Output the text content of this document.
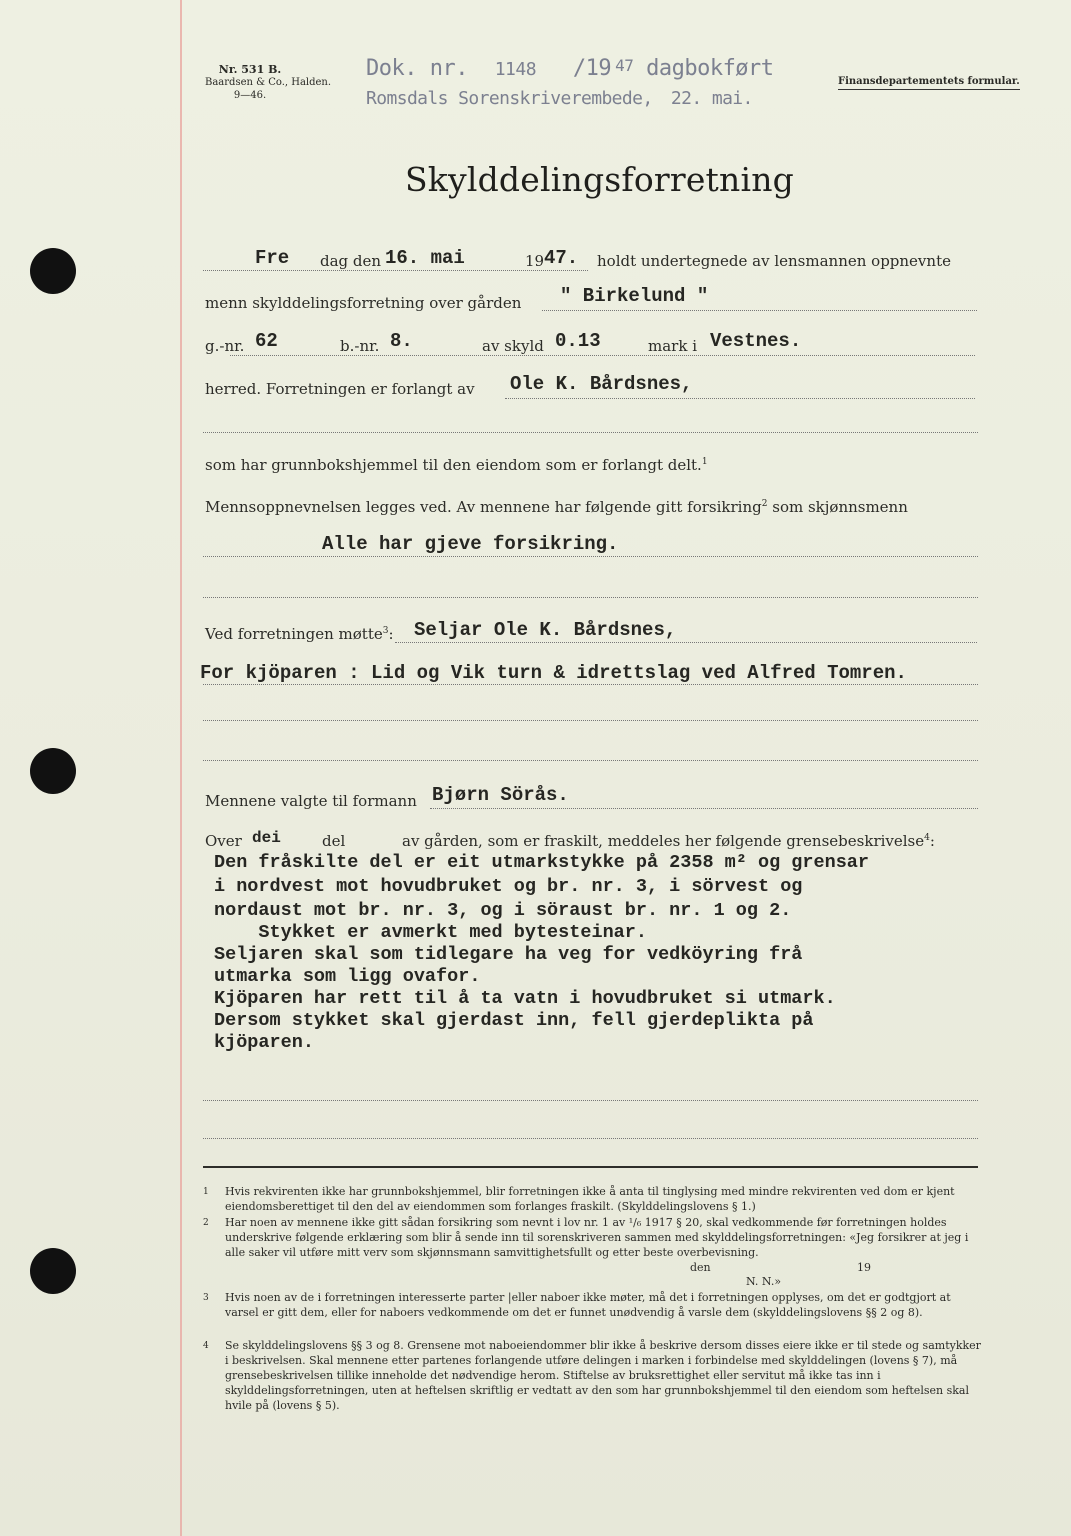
Nr. 531 B.
Baardsen & Co., Halden.
9—46.
Dok. nr. 1148 /19 47 dagbokført
Romsdals Sorenskriverembede, 22. mai.
Finansdepartementets formular.
Skylddelingsforretning
Fre dag den 16. mai	19 47. holdt undertegnede av lensmannen oppnevnte
menn skylddelingsforretning over gården " Birkelund "
g.-nr. 62	b.-nr. 8.	av skyld 0.13	mark i Vestnes.
herred. Forretningen er forlangt av Ole K. Bårdsnes,
som har grunnbokshjemmel til den eiendom som er forlangt delt.$^1$
Mennsoppnevnelsen legges ved. Av mennene har følgende gitt forsikring$^2$ som skjønnsmenn
Alle har gjeve forsikring.
Ved forretningen møtte$^3$: Seljar Ole K. Bårdsnes,
For kjöparen : Lid og Vik turn & idrettslag ved Alfred Tomren.
Mennene valgte til formann Bjørn Sörås.
Over dei	del	av gården, som er fraskilt, meddeles her følgende grensebeskrivelse$^4$:
Den fråskilte del er eit utmarkstykke på 2358 m² og grensar
i nordvest mot hovudbruket og br. nr. 3, i sörvest og
nordaust mot br. nr. 3, og i söraust br. nr. 1 og 2.
Stykket er avmerkt med bytesteinar.
Seljaren skal som tidlegare ha veg for vedköyring frå
utmarka som ligg ovafor.
Kjöparen har rett til å ta vatn i hovudbruket si utmark.
Dersom stykket skal gjerdast inn, fell gjerdeplikta på
kjöparen.
1	Hvis rekvirenten ikke har grunnbokshjemmel, blir forretningen ikke å anta til tinglysing med mindre rekvirenten ved dom er kjent eiendomsberettiget til den del av eiendommen som forlanges fraskilt. (Skylddelingslovens § 1.)
2	Har noen av mennene ikke gitt sådan forsikring som nevnt i lov nr. 1 av ¹/₆ 1917 § 20, skal vedkommende før forretningen holdes underskrive følgende erklæring som blir å sende inn til sorenskriveren sammen med skylddelingsforretningen: «Jeg forsikrer at jeg i alle saker vil utføre mitt verv som skjønnsmann samvittighetsfullt og etter beste overbevisning.
den	19
N. N.»
3	Hvis noen av de i forretningen interesserte parter |eller naboer ikke møter, må det i forretningen opplyses, om det er godtgjort at varsel er gitt dem, eller for naboers vedkommende om det er funnet unødvendig å varsle dem (skylddelingslovens §§ 2 og 8).
4	Se skylddelingslovens §§ 3 og 8. Grensene mot naboeiendommer blir ikke å beskrive dersom disses eiere ikke er til stede og samtykker i beskrivelsen. Skal mennene etter partenes forlangende utføre delingen i marken i forbindelse med skylddelingen (lovens § 7), må grensebeskrivelsen tillike inneholde det nødvendige herom. Stiftelse av bruksrettighet eller servitut må ikke tas inn i skylddelingsforretningen, uten at heftelsen skriftlig er vedtatt av den som har grunnbokshjemmel til den eiendom som heftelsen skal hvile på (lovens § 5).
